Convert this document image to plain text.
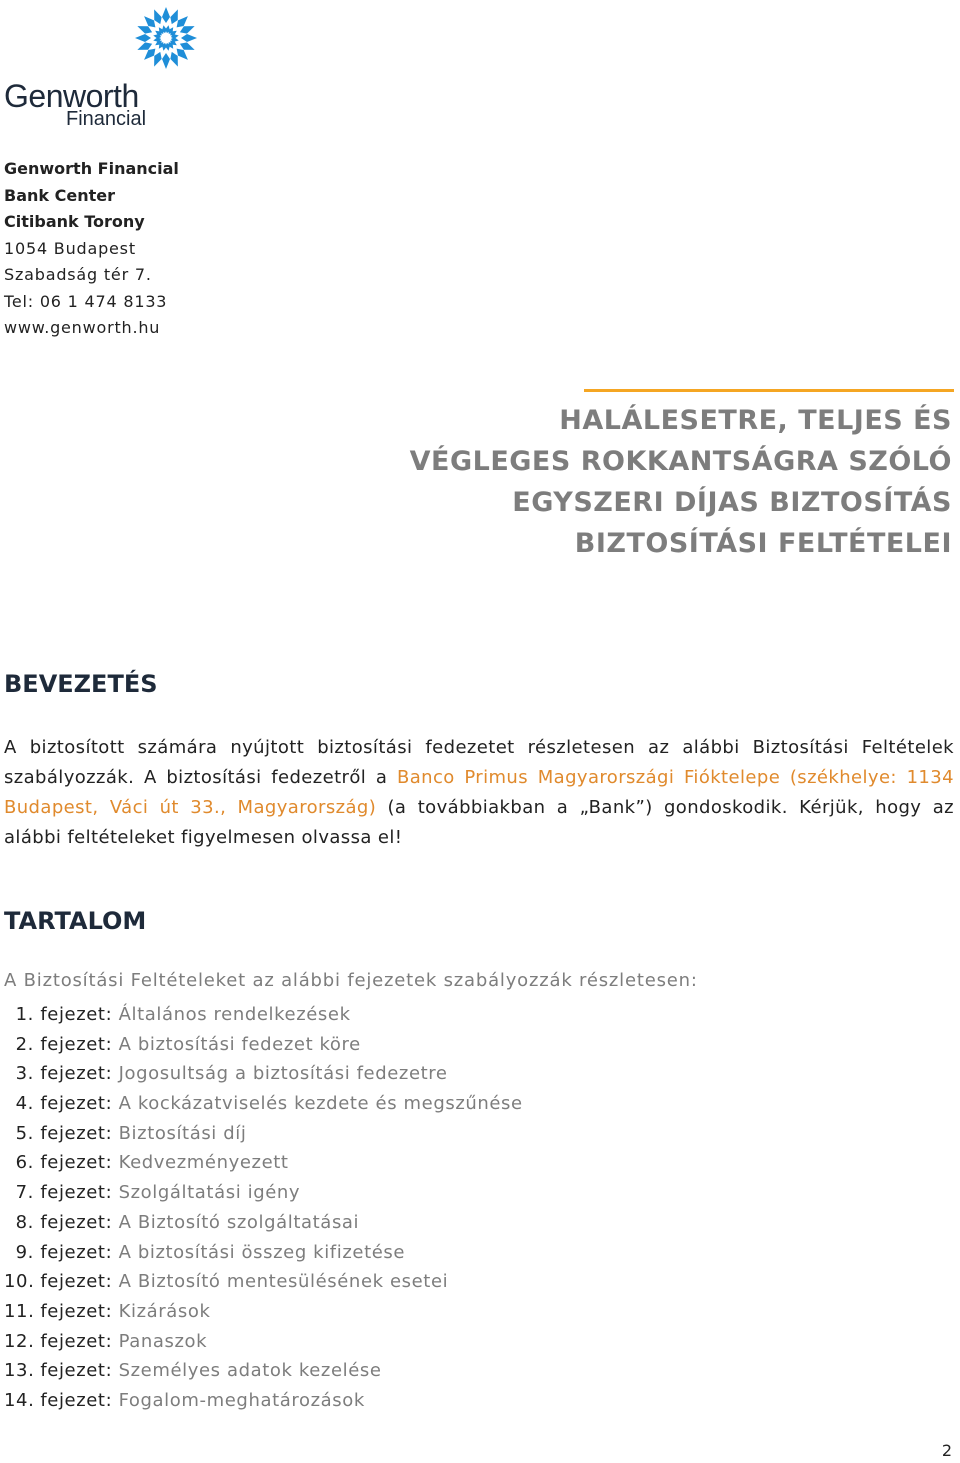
Genworth
Financial
Genworth Financial
Bank Center
Citibank Torony
1054 Budapest
Szabadság tér 7.
Tel: 06 1 474 8133
www.genworth.hu
HALÁLESETRE, TELJES ÉS
VÉGLEGES ROKKANTSÁGRA SZÓLÓ
EGYSZERI DÍJAS BIZTOSÍTÁS
BIZTOSÍTÁSI FELTÉTELEI
BEVEZETÉS
A biztosított számára nyújtott biztosítási fedezetet részletesen az alábbi Biztosítási Feltételek szabályozzák. A biztosítási fedezetről a Banco Primus Magyarországi Fióktelepe (székhelye: 1134 Budapest, Váci út 33., Magyarország) (a továbbiakban a „Bank”) gondoskodik. Kérjük, hogy az alábbi feltételeket figyelmesen olvassa el!
TARTALOM
A Biztosítási Feltételeket az alábbi fejezetek szabályozzák részletesen:
1. fejezet: Általános rendelkezések
2. fejezet: A biztosítási fedezet köre
3. fejezet: Jogosultság a biztosítási fedezetre
4. fejezet: A kockázatviselés kezdete és megszűnése
5. fejezet: Biztosítási díj
6. fejezet: Kedvezményezett
7. fejezet: Szolgáltatási igény
8. fejezet: A Biztosító szolgáltatásai
9. fejezet: A biztosítási összeg kifizetése
10. fejezet: A Biztosító mentesülésének esetei
11. fejezet: Kizárások
12. fejezet: Panaszok
13. fejezet: Személyes adatok kezelése
14. fejezet: Fogalom-meghatározások
2
